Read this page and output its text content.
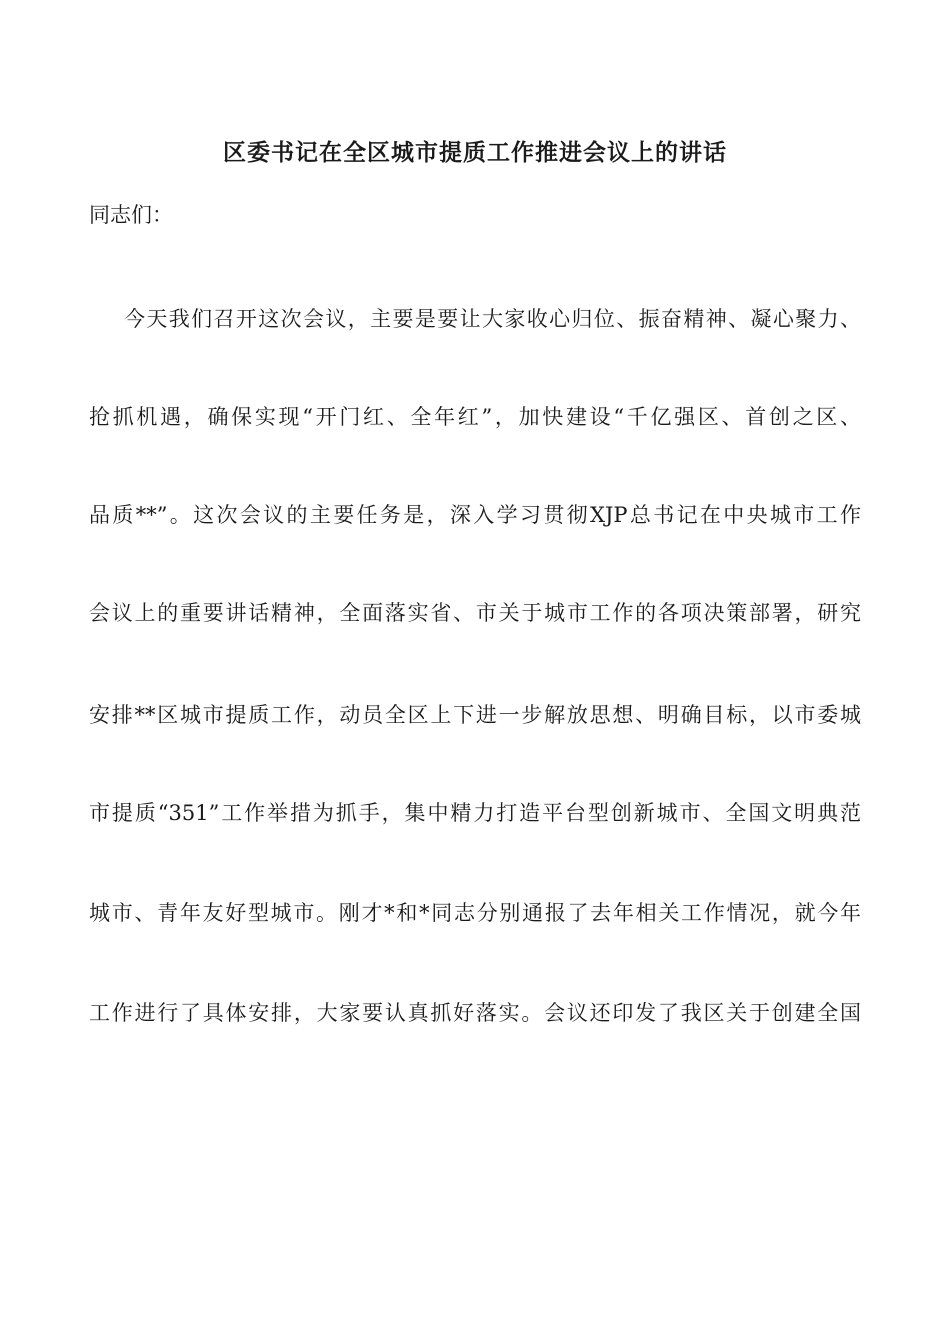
区委书记在全区城市提质工作推进会议上的讲话
同志们：
今天我们召开这次会议，主要是要让大家收心归位、振奋精神、凝心聚力、
抢抓机遇，确保实现“开门红、全年红”，加快建设“千亿强区、首创之区、
品质**”。这次会议的主要任务是，深入学习贯彻XJP总书记在中央城市工作
会议上的重要讲话精神，全面落实省、市关于城市工作的各项决策部署，研究
安排**区城市提质工作，动员全区上下进一步解放思想、明确目标，以市委城
市提质“351”工作举措为抓手，集中精力打造平台型创新城市、全国文明典范
城市、青年友好型城市。刚才*和*同志分别通报了去年相关工作情况，就今年
工作进行了具体安排，大家要认真抓好落实。会议还印发了我区关于创建全国
